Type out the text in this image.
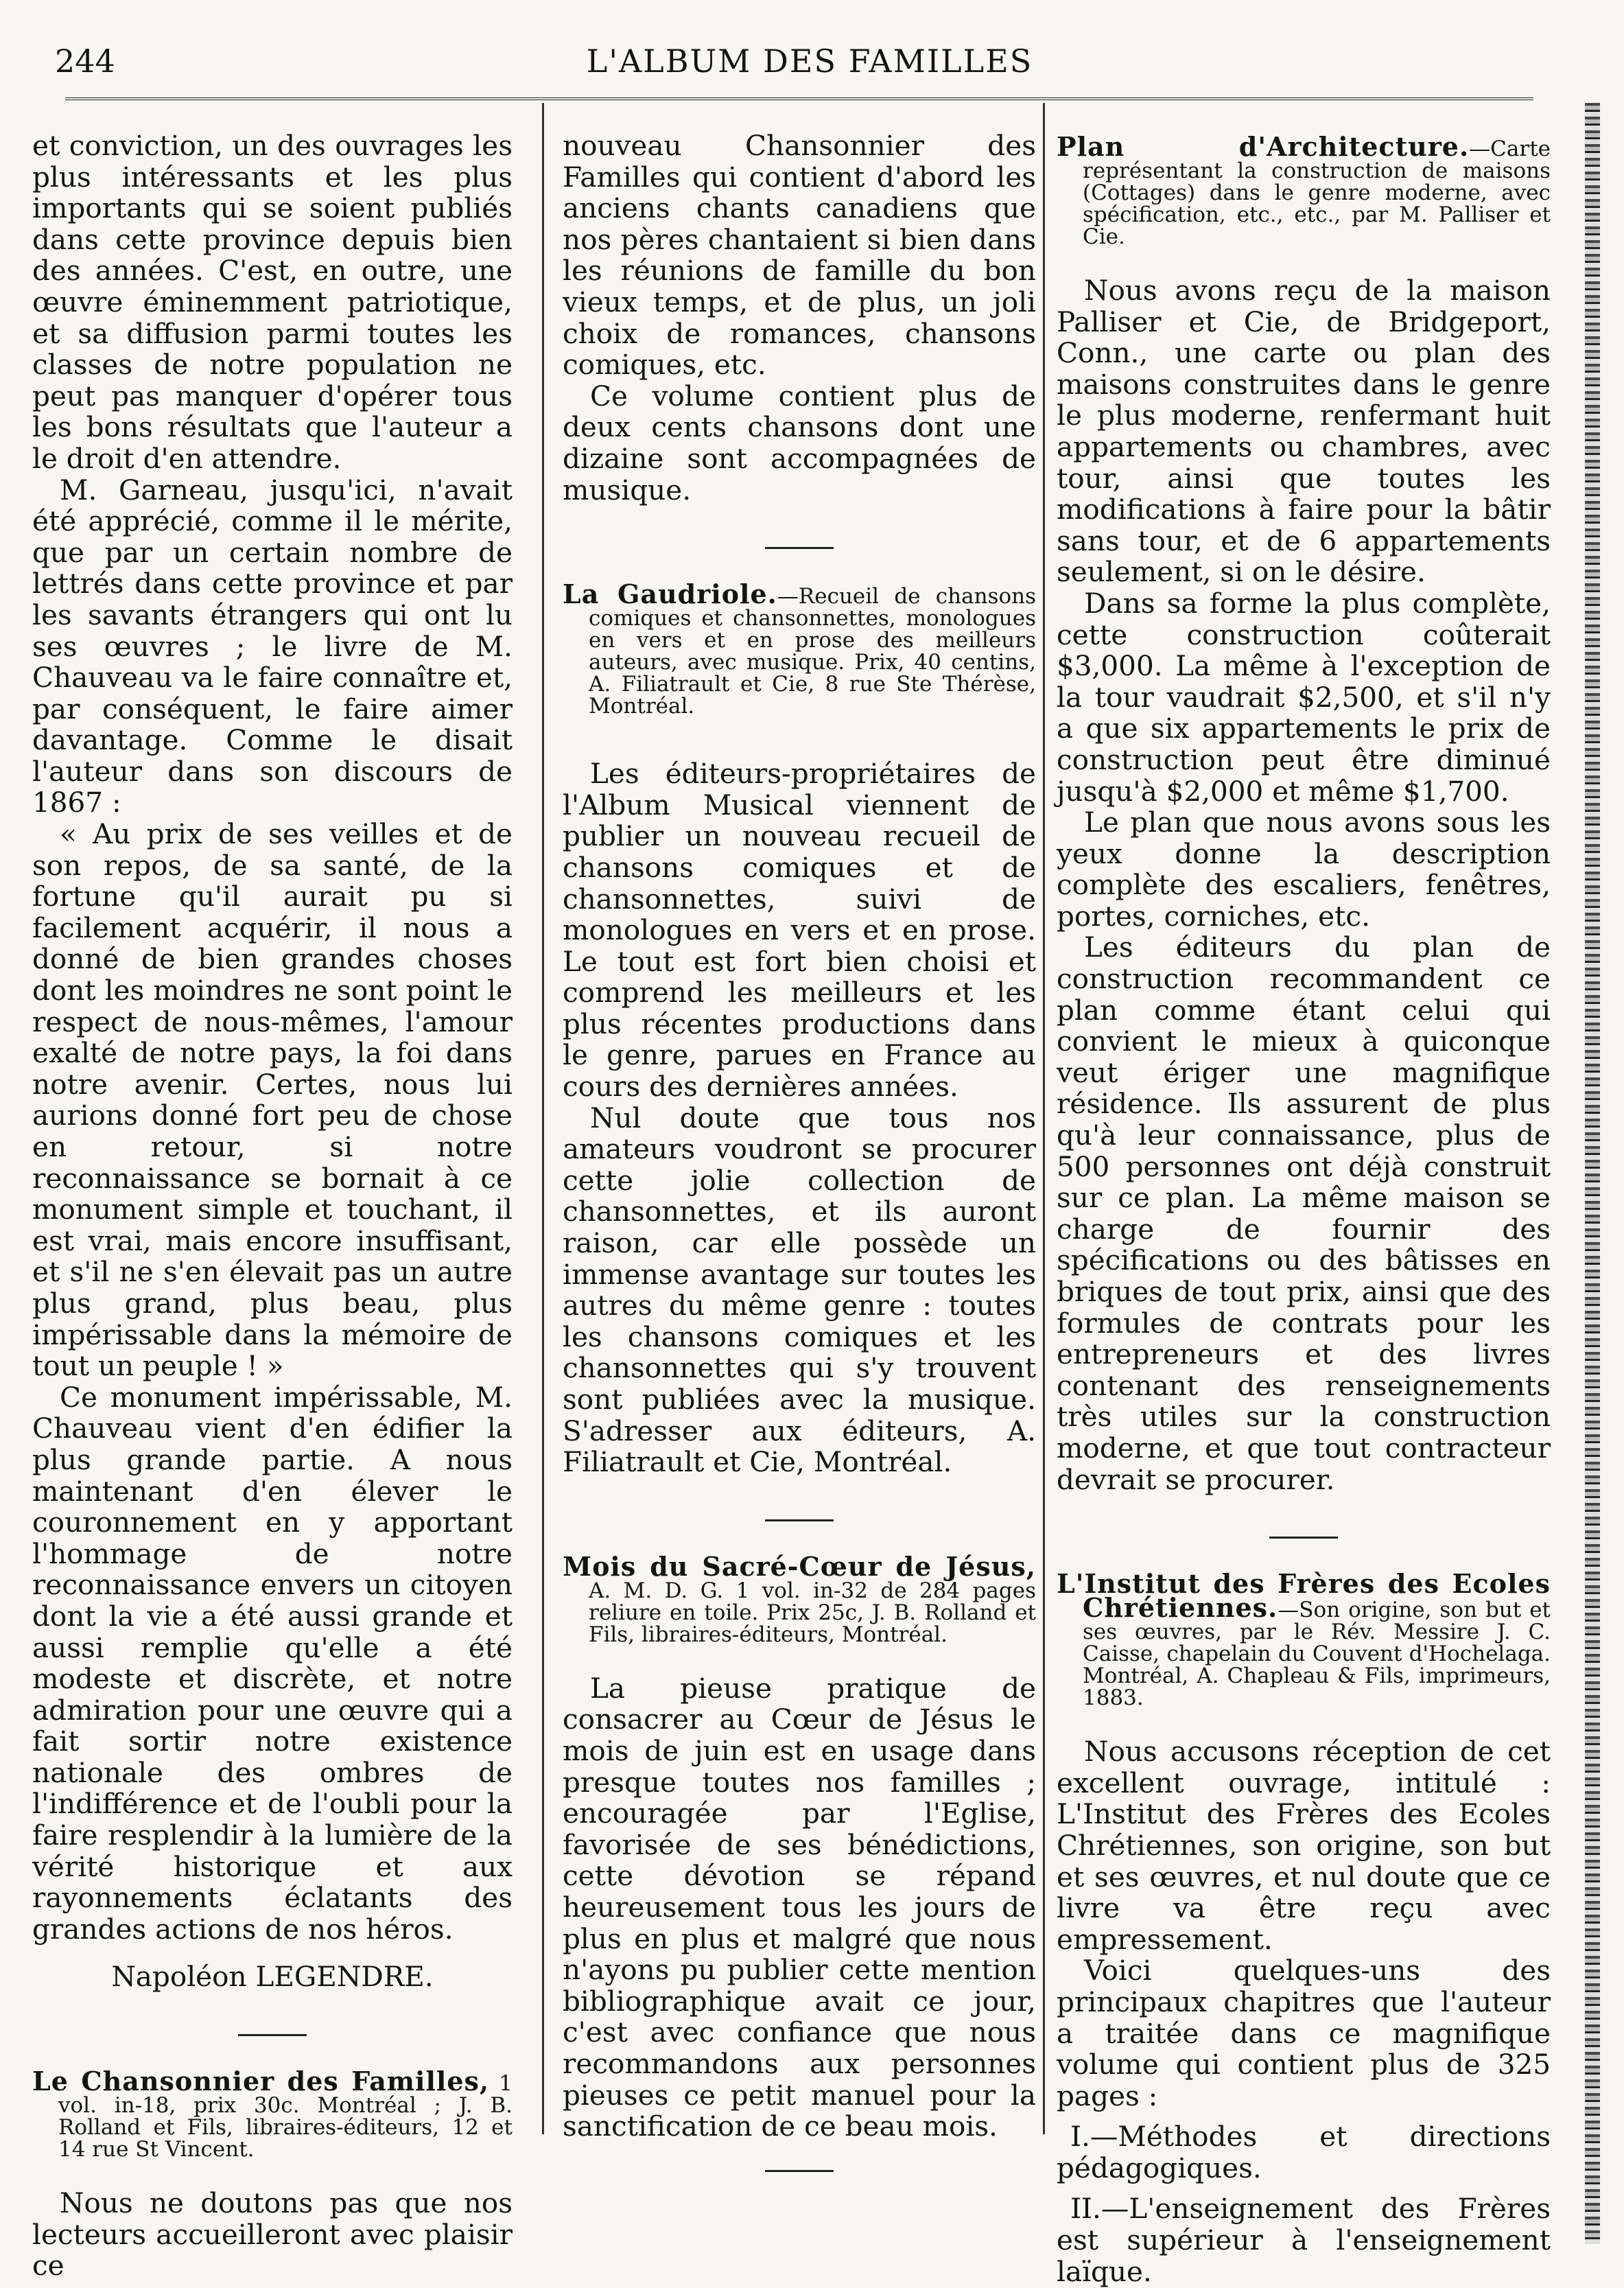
244	L'ALBUM DES FAMILLES

et conviction, un des ouvrages les plus intéressants et les plus importants qui se soient publiés dans cette province depuis bien des années. C'est, en outre, une œuvre éminemment patriotique, et sa diffusion parmi toutes les classes de notre population ne peut pas manquer d'opérer tous les bons résultats que l'auteur a le droit d'en attendre.

M. Garneau, jusqu'ici, n'avait été apprécié, comme il le mérite, que par un certain nombre de lettrés dans cette province et par les savants étrangers qui ont lu ses œuvres ; le livre de M. Chauveau va le faire connaître et, par conséquent, le faire aimer davantage. Comme le disait l'auteur dans son discours de 1867 :

« Au prix de ses veilles et de son repos, de sa santé, de la fortune qu'il aurait pu si facilement acquérir, il nous a donné de bien grandes choses dont les moindres ne sont point le respect de nous-mêmes, l'amour exalté de notre pays, la foi dans notre avenir. Certes, nous lui aurions donné fort peu de chose en retour, si notre reconnaissance se bornait à ce monument simple et touchant, il est vrai, mais encore insuffisant, et s'il ne s'en élevait pas un autre plus grand, plus beau, plus impérissable dans la mémoire de tout un peuple ! »

Ce monument impérissable, M. Chauveau vient d'en édifier la plus grande partie. A nous maintenant d'en élever le couronnement en y apportant l'hommage de notre reconnaissance envers un citoyen dont la vie a été aussi grande et aussi remplie qu'elle a été modeste et discrète, et notre admiration pour une œuvre qui a fait sortir notre existence nationale des ombres de l'indifférence et de l'oubli pour la faire resplendir à la lumière de la vérité historique et aux rayonnements éclatants des grandes actions de nos héros.

Napoléon LEGENDRE.

Le Chansonnier des Familles, 1 vol. in-18, prix 30c. Montréal ; J. B. Rolland et Fils, libraires-éditeurs, 12 et 14 rue St Vincent.

Nous ne doutons pas que nos lecteurs accueilleront avec plaisir ce

nouveau Chansonnier des Familles qui contient d'abord les anciens chants canadiens que nos pères chantaient si bien dans les réunions de famille du bon vieux temps, et de plus, un joli choix de romances, chansons comiques, etc.

Ce volume contient plus de deux cents chansons dont une dizaine sont accompagnées de musique.

La Gaudriole.—Recueil de chansons comiques et chansonnettes, monologues en vers et en prose des meilleurs auteurs, avec musique. Prix, 40 centins, A. Filiatrault et Cie, 8 rue Ste Thérèse, Montréal.

Les éditeurs-propriétaires de l'Album Musical viennent de publier un nouveau recueil de chansons comiques et de chansonnettes, suivi de monologues en vers et en prose. Le tout est fort bien choisi et comprend les meilleurs et les plus récentes productions dans le genre, parues en France au cours des dernières années.

Nul doute que tous nos amateurs voudront se procurer cette jolie collection de chansonnettes, et ils auront raison, car elle possède un immense avantage sur toutes les autres du même genre : toutes les chansons comiques et les chansonnettes qui s'y trouvent sont publiées avec la musique. S'adresser aux éditeurs, A. Filiatrault et Cie, Montréal.

Mois du Sacré-Cœur de Jésus, A. M. D. G. 1 vol. in-32 de 284 pages reliure en toile. Prix 25c, J. B. Rolland et Fils, libraires-éditeurs, Montréal.

La pieuse pratique de consacrer au Cœur de Jésus le mois de juin est en usage dans presque toutes nos familles ; encouragée par l'Eglise, favorisée de ses bénédictions, cette dévotion se répand heureusement tous les jours de plus en plus et malgré que nous n'ayons pu publier cette mention bibliographique avait ce jour, c'est avec confiance que nous recommandons aux personnes pieuses ce petit manuel pour la sanctification de ce beau mois.

Plan d'Architecture.—Carte représentant la construction de maisons (Cottages) dans le genre moderne, avec spécification, etc., etc., par M. Palliser et Cie.

Nous avons reçu de la maison Palliser et Cie, de Bridgeport, Conn., une carte ou plan des maisons construites dans le genre le plus moderne, renfermant huit appartements ou chambres, avec tour, ainsi que toutes les modifications à faire pour la bâtir sans tour, et de 6 appartements seulement, si on le désire.

Dans sa forme la plus complète, cette construction coûterait $3,000. La même à l'exception de la tour vaudrait $2,500, et s'il n'y a que six appartements le prix de construction peut être diminué jusqu'à $2,000 et même $1,700.

Le plan que nous avons sous les yeux donne la description complète des escaliers, fenêtres, portes, corniches, etc.

Les éditeurs du plan de construction recommandent ce plan comme étant celui qui convient le mieux à quiconque veut ériger une magnifique résidence. Ils assurent de plus qu'à leur connaissance, plus de 500 personnes ont déjà construit sur ce plan. La même maison se charge de fournir des spécifications ou des bâtisses en briques de tout prix, ainsi que des formules de contrats pour les entrepreneurs et des livres contenant des renseignements très utiles sur la construction moderne, et que tout contracteur devrait se procurer.

L'Institut des Frères des Ecoles Chrétiennes.—Son origine, son but et ses œuvres, par le Rév. Messire J. C. Caisse, chapelain du Couvent d'Hochelaga. Montréal, A. Chapleau & Fils, imprimeurs, 1883.

Nous accusons réception de cet excellent ouvrage, intitulé : L'Institut des Frères des Ecoles Chrétiennes, son origine, son but et ses œuvres, et nul doute que ce livre va être reçu avec empressement.

Voici quelques-uns des principaux chapitres que l'auteur a traitée dans ce magnifique volume qui contient plus de 325 pages :

I.—Méthodes et directions pédagogiques.

II.—L'enseignement des Frères est supérieur à l'enseignement laïque.
